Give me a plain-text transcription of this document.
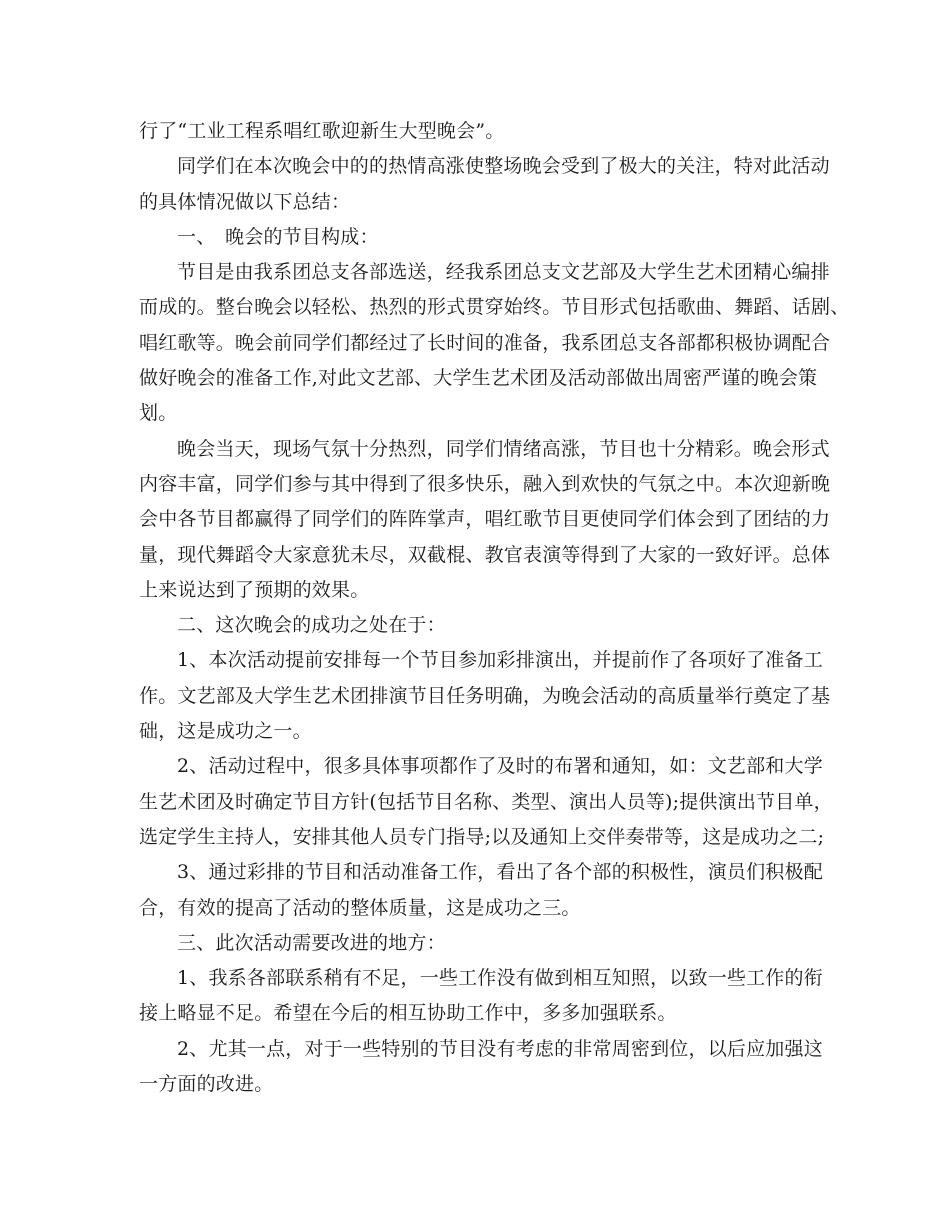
行了“工业工程系唱红歌迎新生大型晚会”。
同学们在本次晚会中的的热情高涨使整场晚会受到了极大的关注，特对此活动
的具体情况做以下总结：
一、　晚会的节目构成：
节目是由我系团总支各部选送，经我系团总支文艺部及大学生艺术团精心编排
而成的。整台晚会以轻松、热烈的形式贯穿始终。节目形式包括歌曲、舞蹈、话剧、
唱红歌等。晚会前同学们都经过了长时间的准备，我系团总支各部都积极协调配合
做好晚会的准备工作,对此文艺部、大学生艺术团及活动部做出周密严谨的晚会策
划。
晚会当天，现场气氛十分热烈，同学们情绪高涨，节目也十分精彩。晚会形式
内容丰富，同学们参与其中得到了很多快乐，融入到欢快的气氛之中。本次迎新晚
会中各节目都赢得了同学们的阵阵掌声，唱红歌节目更使同学们体会到了团结的力
量，现代舞蹈令大家意犹未尽，双截棍、教官表演等得到了大家的一致好评。总体
上来说达到了预期的效果。
二、这次晚会的成功之处在于：
1、本次活动提前安排每一个节目参加彩排演出，并提前作了各项好了准备工
作。文艺部及大学生艺术团排演节目任务明确，为晚会活动的高质量举行奠定了基
础，这是成功之一。
2、活动过程中，很多具体事项都作了及时的布署和通知，如：文艺部和大学
生艺术团及时确定节目方针(包括节目名称、类型、演出人员等);提供演出节目单，
选定学生主持人，安排其他人员专门指导;以及通知上交伴奏带等，这是成功之二;
3、通过彩排的节目和活动准备工作，看出了各个部的积极性，演员们积极配
合，有效的提高了活动的整体质量，这是成功之三。
三、此次活动需要改进的地方：
1、我系各部联系稍有不足，一些工作没有做到相互知照，以致一些工作的衔
接上略显不足。希望在今后的相互协助工作中，多多加强联系。
2、尤其一点，对于一些特别的节目没有考虑的非常周密到位，以后应加强这
一方面的改进。
